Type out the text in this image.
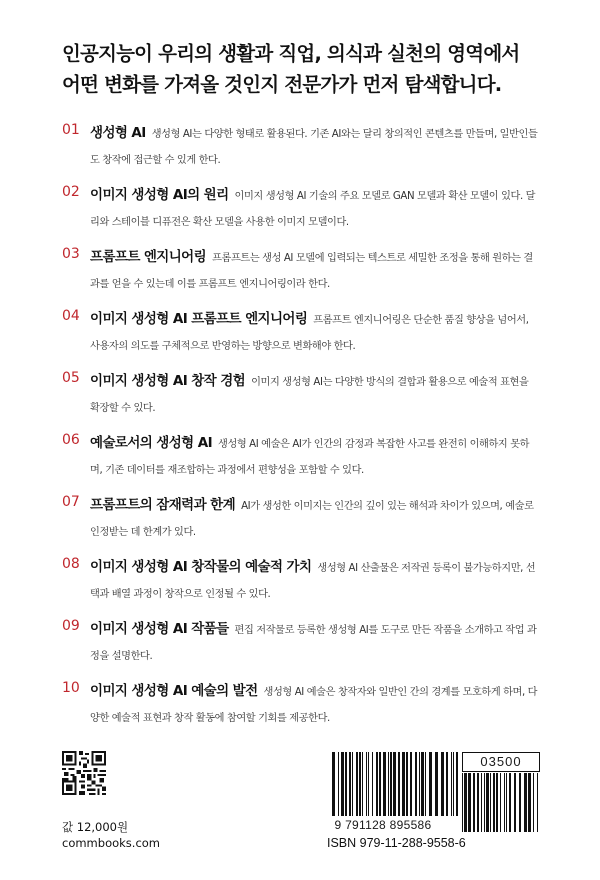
인공지능이 우리의 생활과 직업, 의식과 실천의 영역에서
어떤 변화를 가져올 것인지 전문가가 먼저 탐색합니다.
01 생성형 AI 생성형 AI는 다양한 형태로 활용된다. 기존 AI와는 달리 창의적인 콘텐츠를 만들며, 일반인들도 창작에 접근할 수 있게 한다.
02 이미지 생성형 AI의 원리 이미지 생성형 AI 기술의 주요 모델로 GAN 모델과 확산 모델이 있다. 달리와 스테이블 디퓨전은 확산 모델을 사용한 이미지 모델이다.
03 프롬프트 엔지니어링 프롬프트는 생성 AI 모델에 입력되는 텍스트로 세밀한 조정을 통해 원하는 결과를 얻을 수 있는데 이를 프롬프트 엔지니어링이라 한다.
04 이미지 생성형 AI 프롬프트 엔지니어링 프롬프트 엔지니어링은 단순한 품질 향상을 넘어서, 사용자의 의도를 구체적으로 반영하는 방향으로 변화해야 한다.
05 이미지 생성형 AI 창작 경험 이미지 생성형 AI는 다양한 방식의 결합과 활용으로 예술적 표현을 확장할 수 있다.
06 예술로서의 생성형 AI 생성형 AI 예술은 AI가 인간의 감정과 복잡한 사고를 완전히 이해하지 못하며, 기존 데이터를 재조합하는 과정에서 편향성을 포함할 수 있다.
07 프롬프트의 잠재력과 한계 AI가 생성한 이미지는 인간의 깊이 있는 해석과 차이가 있으며, 예술로 인정받는 데 한계가 있다.
08 이미지 생성형 AI 창작물의 예술적 가치 생성형 AI 산출물은 저작권 등록이 불가능하지만, 선택과 배열 과정이 창작으로 인정될 수 있다.
09 이미지 생성형 AI 작품들 편집 저작물로 등록한 생성형 AI를 도구로 만든 작품을 소개하고 작업 과정을 설명한다.
10 이미지 생성형 AI 예술의 발전 생성형 AI 예술은 창작자와 일반인 간의 경계를 모호하게 하며, 다양한 예술적 표현과 창작 활동에 참여할 기회를 제공한다.
값 12,000원
commbooks.com
03500
9 791128 895586
ISBN 979-11-288-9558-6
